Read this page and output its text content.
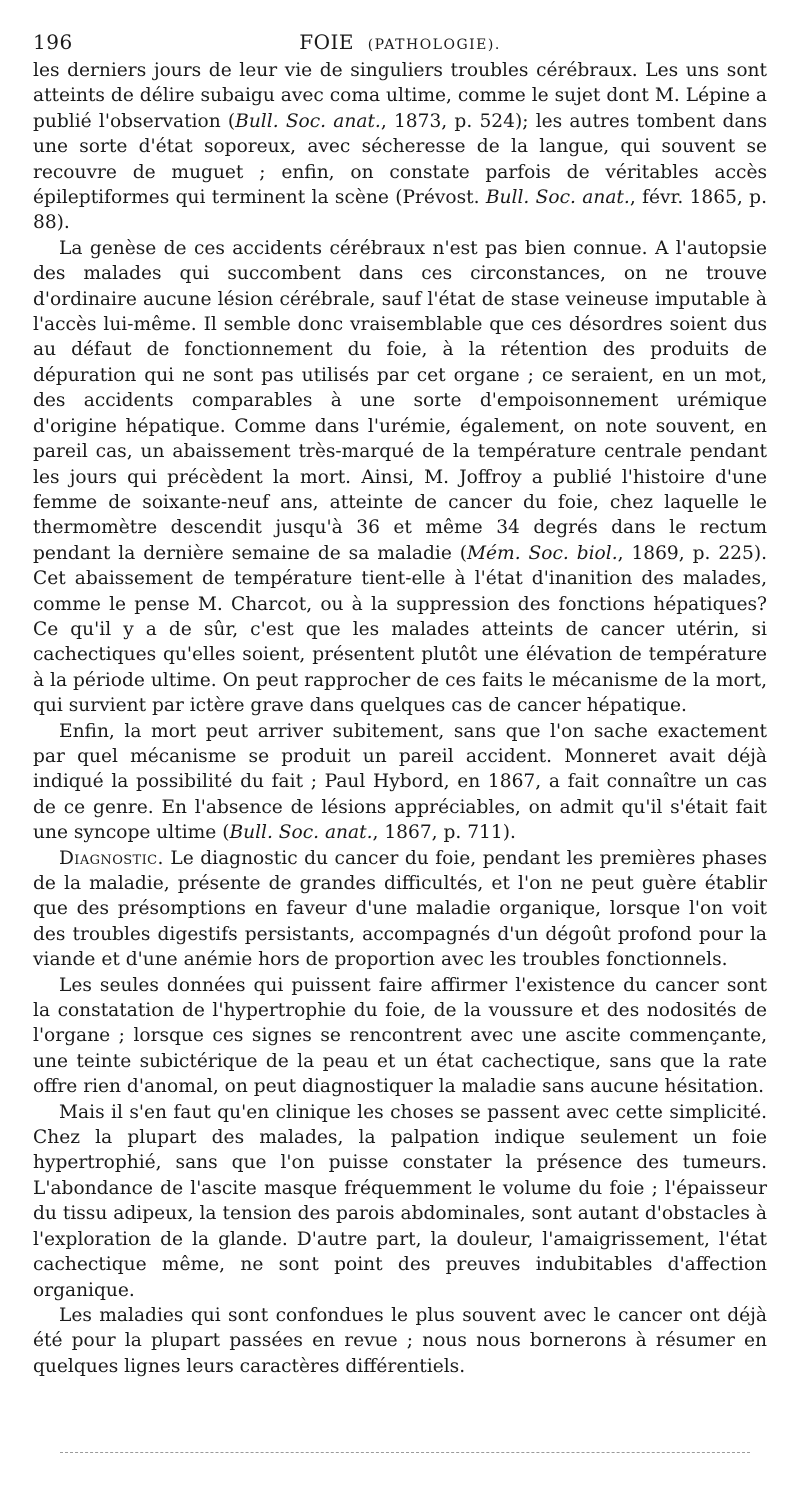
196	FOIE (PATHOLOGIE).

les derniers jours de leur vie de singuliers troubles cérébraux. Les uns sont atteints de délire subaigu avec coma ultime, comme le sujet dont M. Lépine a publié l'observation (Bull. Soc. anat., 1873, p. 524); les autres tombent dans une sorte d'état soporeux, avec sécheresse de la langue, qui souvent se recouvre de muguet ; enfin, on constate parfois de véritables accès épileptiformes qui terminent la scène (Prévost. Bull. Soc. anat., févr. 1865, p. 88).

La genèse de ces accidents cérébraux n'est pas bien connue. A l'autopsie des malades qui succombent dans ces circonstances, on ne trouve d'ordinaire aucune lésion cérébrale, sauf l'état de stase veineuse imputable à l'accès lui-même. Il semble donc vraisemblable que ces désordres soient dus au défaut de fonctionnement du foie, à la rétention des produits de dépuration qui ne sont pas utilisés par cet organe ; ce seraient, en un mot, des accidents comparables à une sorte d'empoisonnement urémique d'origine hépatique. Comme dans l'urémie, également, on note souvent, en pareil cas, un abaissement très-marqué de la température centrale pendant les jours qui précèdent la mort. Ainsi, M. Joffroy a publié l'histoire d'une femme de soixante-neuf ans, atteinte de cancer du foie, chez laquelle le thermomètre descendit jusqu'à 36 et même 34 degrés dans le rectum pendant la dernière semaine de sa maladie (Mém. Soc. biol., 1869, p. 225). Cet abaissement de température tient-elle à l'état d'inanition des malades, comme le pense M. Charcot, ou à la suppression des fonctions hépatiques? Ce qu'il y a de sûr, c'est que les malades atteints de cancer utérin, si cachectiques qu'elles soient, présentent plutôt une élévation de température à la période ultime. On peut rapprocher de ces faits le mécanisme de la mort, qui survient par ictère grave dans quelques cas de cancer hépatique.

Enfin, la mort peut arriver subitement, sans que l'on sache exactement par quel mécanisme se produit un pareil accident. Monneret avait déjà indiqué la possibilité du fait ; Paul Hybord, en 1867, a fait connaître un cas de ce genre. En l'absence de lésions appréciables, on admit qu'il s'était fait une syncope ultime (Bull. Soc. anat., 1867, p. 711).

Diagnostic. Le diagnostic du cancer du foie, pendant les premières phases de la maladie, présente de grandes difficultés, et l'on ne peut guère établir que des présomptions en faveur d'une maladie organique, lorsque l'on voit des troubles digestifs persistants, accompagnés d'un dégoût profond pour la viande et d'une anémie hors de proportion avec les troubles fonctionnels.

Les seules données qui puissent faire affirmer l'existence du cancer sont la constatation de l'hypertrophie du foie, de la voussure et des nodosités de l'organe ; lorsque ces signes se rencontrent avec une ascite commençante, une teinte subictérique de la peau et un état cachectique, sans que la rate offre rien d'anomal, on peut diagnostiquer la maladie sans aucune hésitation.

Mais il s'en faut qu'en clinique les choses se passent avec cette simplicité. Chez la plupart des malades, la palpation indique seulement un foie hypertrophié, sans que l'on puisse constater la présence des tumeurs. L'abondance de l'ascite masque fréquemment le volume du foie ; l'épaisseur du tissu adipeux, la tension des parois abdominales, sont autant d'obstacles à l'exploration de la glande. D'autre part, la douleur, l'amaigrissement, l'état cachectique même, ne sont point des preuves indubitables d'affection organique.

Les maladies qui sont confondues le plus souvent avec le cancer ont déjà été pour la plupart passées en revue ; nous nous bornerons à résumer en quelques lignes leurs caractères différentiels.
